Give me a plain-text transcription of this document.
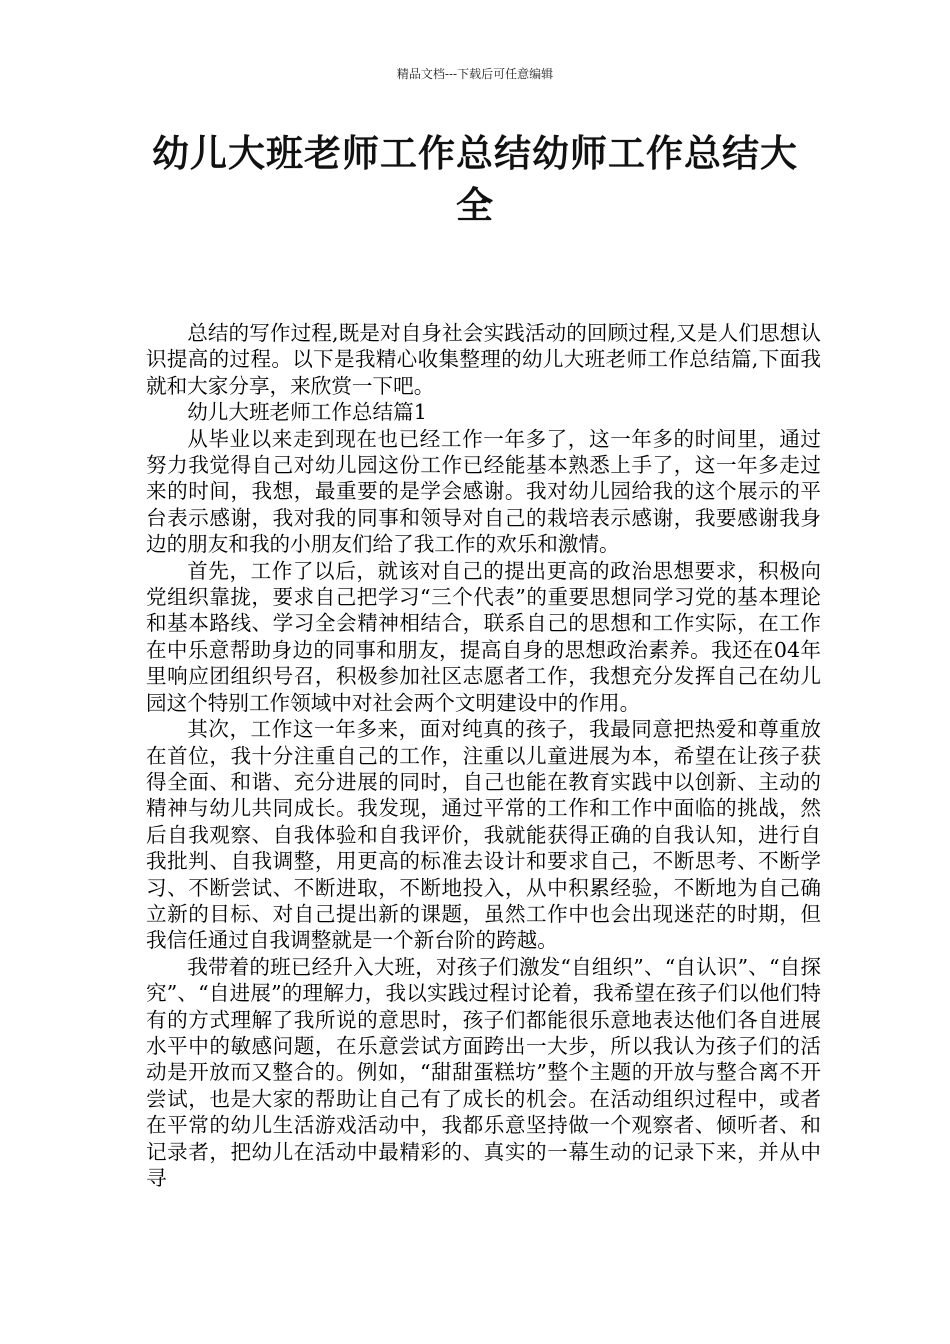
精品文档---下载后可任意编辑
幼儿大班老师工作总结幼师工作总结大全

总结的写作过程,既是对自身社会实践活动的回顾过程,又是人们思想认识提高的过程。以下是我精心收集整理的幼儿大班老师工作总结篇,下面我就和大家分享，来欣赏一下吧。

幼儿大班老师工作总结篇1

从毕业以来走到现在也已经工作一年多了，这一年多的时间里，通过努力我觉得自己对幼儿园这份工作已经能基本熟悉上手了，这一年多走过来的时间，我想，最重要的是学会感谢。我对幼儿园给我的这个展示的平台表示感谢，我对我的同事和领导对自己的栽培表示感谢，我要感谢我身边的朋友和我的小朋友们给了我工作的欢乐和激情。

首先，工作了以后，就该对自己的提出更高的政治思想要求，积极向党组织靠拢，要求自己把学习“三个代表”的重要思想同学习党的基本理论和基本路线、学习全会精神相结合，联系自己的思想和工作实际，在工作在中乐意帮助身边的同事和朋友，提高自身的思想政治素养。我还在04年里响应团组织号召，积极参加社区志愿者工作，我想充分发挥自己在幼儿园这个特别工作领域中对社会两个文明建设中的作用。

其次，工作这一年多来，面对纯真的孩子，我最同意把热爱和尊重放在首位，我十分注重自己的工作，注重以儿童进展为本，希望在让孩子获得全面、和谐、充分进展的同时，自己也能在教育实践中以创新、主动的精神与幼儿共同成长。我发现，通过平常的工作和工作中面临的挑战，然后自我观察、自我体验和自我评价，我就能获得正确的自我认知，进行自我批判、自我调整，用更高的标准去设计和要求自己，不断思考、不断学习、不断尝试、不断进取，不断地投入，从中积累经验，不断地为自己确立新的目标、对自己提出新的课题，虽然工作中也会出现迷茫的时期，但我信任通过自我调整就是一个新台阶的跨越。

我带着的班已经升入大班，对孩子们激发“自组织”、“自认识”、“自探究”、“自进展”的理解力，我以实践过程讨论着，我希望在孩子们以他们特有的方式理解了我所说的意思时，孩子们都能很乐意地表达他们各自进展水平中的敏感问题，在乐意尝试方面跨出一大步，所以我认为孩子们的活动是开放而又整合的。例如，“甜甜蛋糕坊”整个主题的开放与整合离不开尝试，也是大家的帮助让自己有了成长的机会。在活动组织过程中，或者在平常的幼儿生活游戏活动中，我都乐意坚持做一个观察者、倾听者、和记录者，把幼儿在活动中最精彩的、真实的一幕生动的记录下来，并从中寻
